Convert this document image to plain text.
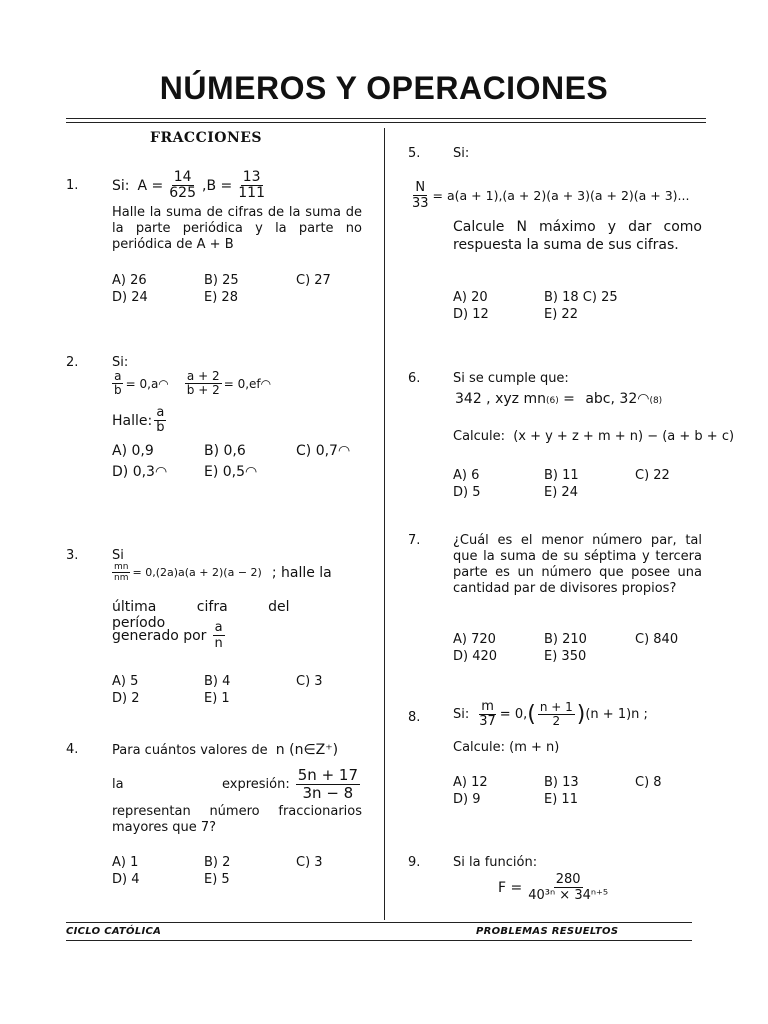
NÚMEROS Y OPERACIONES
FRACCIONES
1. Si: $A = \frac{14}{625} ,B = \frac{13}{111}$
Halle la suma de cifras de la suma de la parte periódica y la parte no periódica de A + B
A) 26	B) 25	C) 27
D) 24	E) 28
2.	Si:
$\frac{a}{b}$ = 0,a◠ $\frac{a + 2}{b + 2}$ = 0,ef◠
Halle: $\frac{a}{b}$
A) 0,9	B) 0,6	C) 0,7◠
D) 0,3◠	E) 0,5◠
3.	Si
$\frac{mn}{nm} = 0,(2a)a(a + 2)(a - 2)$ ; halle la
última cifra del período
generado por $\frac{a}{n}$
A) 5	B) 4	C) 3
D) 2	E) 1
4.	Para cuántos valores de n (n∈Z⁺)
la	expresión: $\frac{5n + 17}{3n - 8}$
representan número fraccionarios mayores que 7?
A) 1	B) 2	C) 3
D) 4	E) 5
5.	Si:
$\frac{N}{33} = a(a + 1),(a + 2)(a + 3)(a + 2)(a + 3)$...
Calcule N máximo y dar como respuesta la suma de sus cifras.
A) 20	B) 18 C) 25
D) 12	E) 22
6.	Si se cumple que:
342 , xyz mn(6) = abc, 32◠(8)
Calcule: (x + y + z + m + n) − (a + b + c)
A) 6	B) 11	C) 22
D) 5	E) 24
7.	¿Cuál es el menor número par, tal que la suma de su séptima y tercera parte es un número que posee una cantidad par de divisores propios?
A) 720	B) 210	C) 840
D) 420	E) 350
8.	Si: $\frac{m}{37} = 0$, ( $\frac{n + 1}{2}$ ) (n + 1)n ;
Calcule: (m + n)
A) 12	B) 13	C) 8
D) 9	E) 11
9.	Si la función:
$F = \frac{280}{\text{40³ⁿ × 34ⁿ⁺⁵}}$
CICLO CATÓLICA	PROBLEMAS RESUELTOS
